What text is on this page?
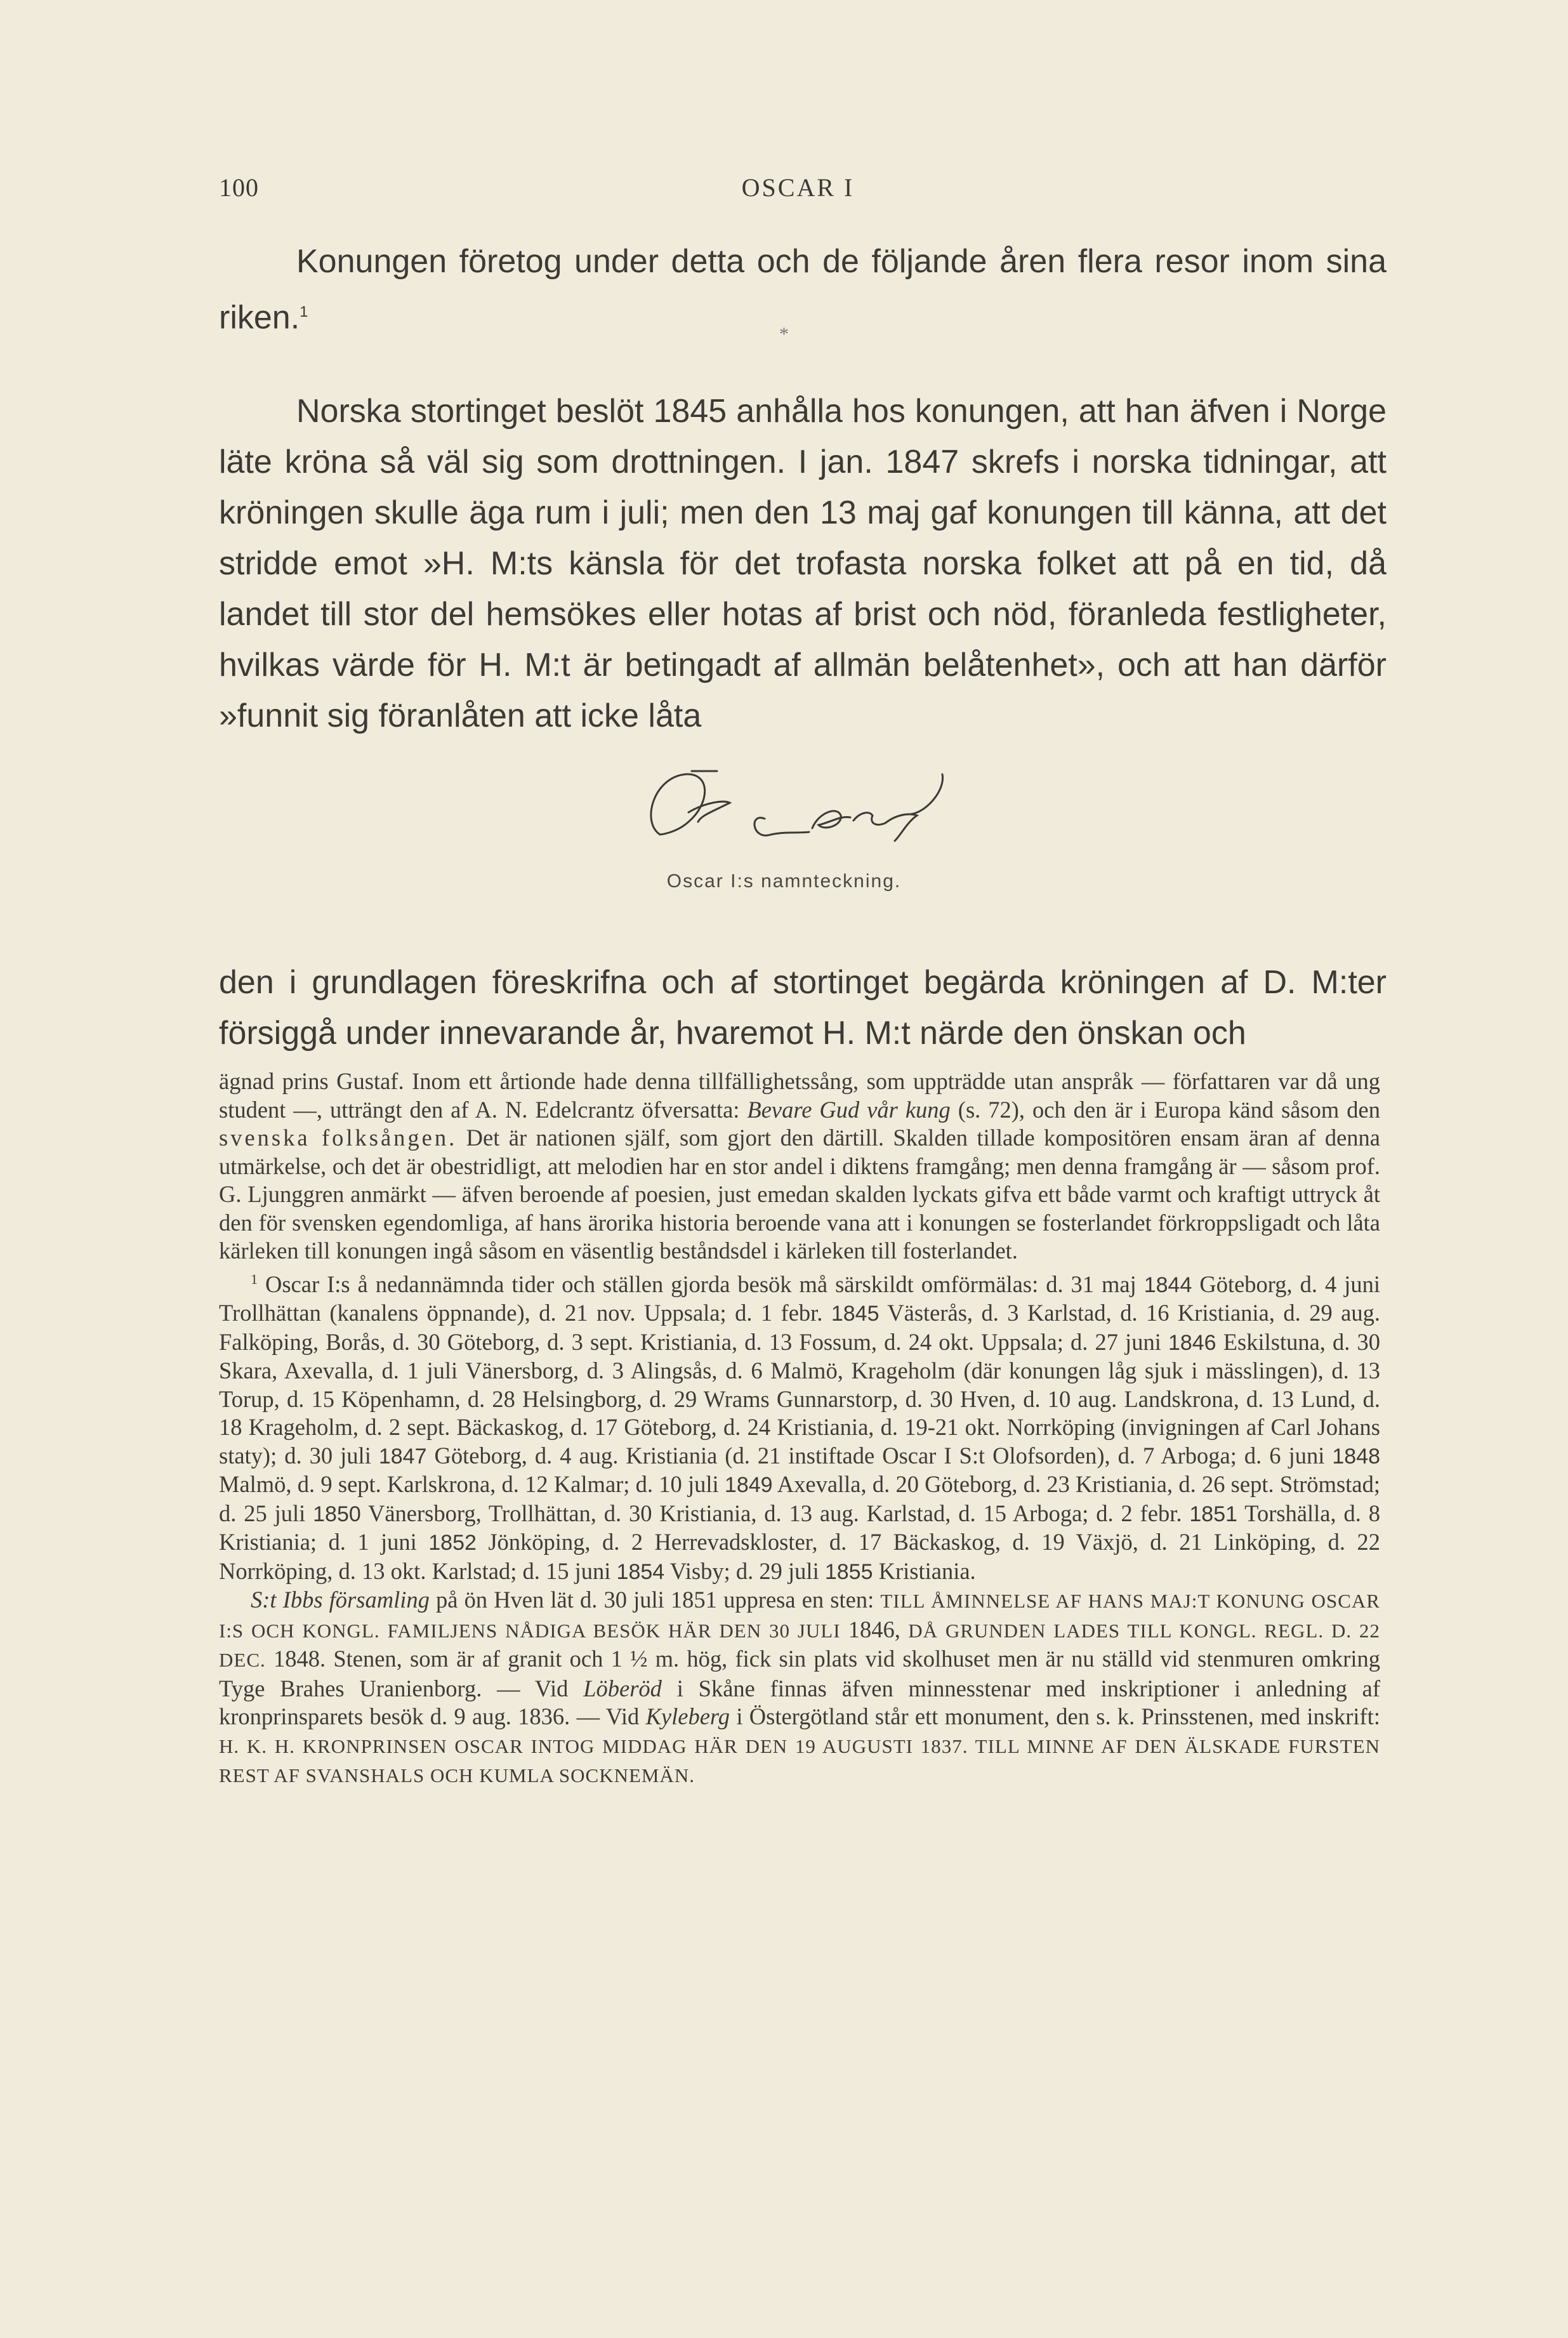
100	OSCAR I

Konungen företog under detta och de följande åren flera resor inom sina riken.$^1$

*

Norska stortinget beslöt 1845 anhålla hos konungen, att han äfven i Norge läte kröna så väl sig som drottningen. I jan. 1847 skrefs i norska tidningar, att kröningen skulle äga rum i juli; men den 13 maj gaf konungen till känna, att det stridde emot »H. M:ts känsla för det trofasta norska folket att på en tid, då landet till stor del hemsökes eller hotas af brist och nöd, föranleda festligheter, hvilkas värde för H. M:t är betingadt af allmän belåtenhet», och att han därför »funnit sig föranlåten att icke låta

Oscar I:s namnteckning.

den i grundlagen föreskrifna och af stortinget begärda kröningen af D. M:ter försiggå under innevarande år, hvaremot H. M:t närde den önskan och

ägnad prins Gustaf. Inom ett årtionde hade denna tillfällighetssång, som uppträdde utan anspråk — författaren var då ung student —, utträngt den af A. N. Edelcrantz öfversatta: Bevare Gud vår kung (s. 72), och den är i Europa känd såsom den svenska folksången. Det är nationen själf, som gjort den därtill. Skalden tillade kompositören ensam äran af denna utmärkelse, och det är obestridligt, att melodien har en stor andel i diktens framgång; men denna framgång är — såsom prof. G. Ljunggren anmärkt — äfven beroende af poesien, just emedan skalden lyckats gifva ett både varmt och kraftigt uttryck åt den för svensken egendomliga, af hans ärorika historia beroende vana att i konungen se fosterlandet förkroppsligadt och låta kärleken till konungen ingå såsom en väsentlig beståndsdel i kärleken till fosterlandet.

$^1$ Oscar I:s å nedannämnda tider och ställen gjorda besök må särskildt omförmälas: d. 31 maj 1844 Göteborg, d. 4 juni Trollhättan (kanalens öppnande), d. 21 nov. Uppsala; d. 1 febr. 1845 Västerås, d. 3 Karlstad, d. 16 Kristiania, d. 29 aug. Falköping, Borås, d. 30 Göteborg, d. 3 sept. Kristiania, d. 13 Fossum, d. 24 okt. Uppsala; d. 27 juni 1846 Eskilstuna, d. 30 Skara, Axevalla, d. 1 juli Vänersborg, d. 3 Alingsås, d. 6 Malmö, Krageholm (där konungen låg sjuk i mässlingen), d. 13 Torup, d. 15 Köpenhamn, d. 28 Helsingborg, d. 29 Wrams Gunnarstorp, d. 30 Hven, d. 10 aug. Landskrona, d. 13 Lund, d. 18 Krageholm, d. 2 sept. Bäckaskog, d. 17 Göteborg, d. 24 Kristiania, d. 19-21 okt. Norrköping (invigningen af Carl Johans staty); d. 30 juli 1847 Göteborg, d. 4 aug. Kristiania (d. 21 instiftade Oscar I S:t Olofsorden), d. 7 Arboga; d. 6 juni 1848 Malmö, d. 9 sept. Karlskrona, d. 12 Kalmar; d. 10 juli 1849 Axevalla, d. 20 Göteborg, d. 23 Kristiania, d. 26 sept. Strömstad; d. 25 juli 1850 Vänersborg, Trollhättan, d. 30 Kristiania, d. 13 aug. Karlstad, d. 15 Arboga; d. 2 febr. 1851 Torshälla, d. 8 Kristiania; d. 1 juni 1852 Jönköping, d. 2 Herrevadskloster, d. 17 Bäckaskog, d. 19 Växjö, d. 21 Linköping, d. 22 Norrköping, d. 13 okt. Karlstad; d. 15 juni 1854 Visby; d. 29 juli 1855 Kristiania.

S:t Ibbs församling på ön Hven lät d. 30 juli 1851 uppresa en sten: TILL ÅMINNELSE AF HANS MAJ:T KONUNG OSCAR I:S OCH KONGL. FAMILJENS NÅDIGA BESÖK HÄR DEN 30 JULI 1846, DÅ GRUNDEN LADES TILL KONGL. REGL. D. 22 DEC. 1848. Stenen, som är af granit och 1 ½ m. hög, fick sin plats vid skolhuset men är nu ställd vid stenmuren omkring Tyge Brahes Uranienborg. — Vid Löberöd i Skåne finnas äfven minnesstenar med inskriptioner i anledning af kronprinsparets besök d. 9 aug. 1836. — Vid Kyleberg i Östergötland står ett monument, den s. k. Prinsstenen, med inskrift: H. K. H. KRONPRINSEN OSCAR INTOG MIDDAG HÄR DEN 19 AUGUSTI 1837. TILL MINNE AF DEN ÄLSKADE FURSTEN REST AF SVANSHALS OCH KUMLA SOCKNEMÄN.
